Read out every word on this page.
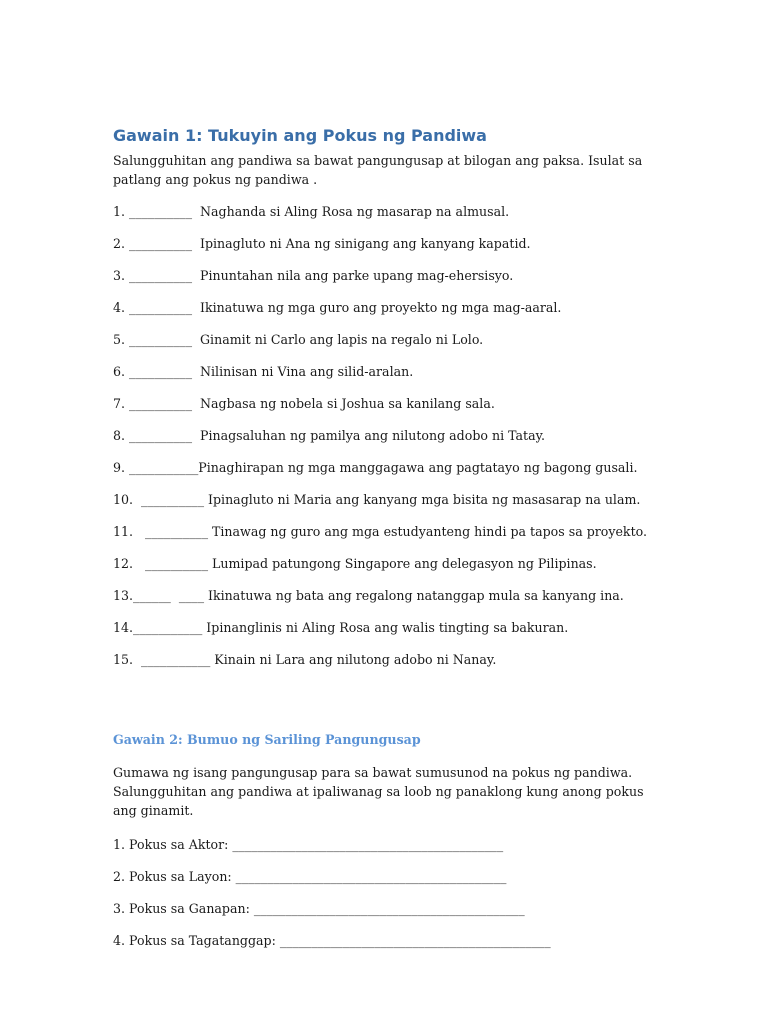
Gawain 1: Tukuyin ang Pokus ng Pandiwa

Salungguhitan ang pandiwa sa bawat pangungusap at bilogan ang paksa. Isulat sa patlang ang pokus ng pandiwa .

1. __________  Naghanda si Aling Rosa ng masarap na almusal.
2. __________  Ipinagluto ni Ana ng sinigang ang kanyang kapatid.
3. __________  Pinuntahan nila ang parke upang mag-ehersisyo.
4. __________  Ikinatuwa ng mga guro ang proyekto ng mga mag-aaral.
5. __________  Ginamit ni Carlo ang lapis na regalo ni Lolo.
6. __________  Nilinisan ni Vina ang silid-aralan.
7. __________  Nagbasa ng nobela si Joshua sa kanilang sala.
8. __________  Pinagsaluhan ng pamilya ang nilutong adobo ni Tatay.
9. ___________Pinaghirapan ng mga manggagawa ang pagtatayo ng bagong gusali.
10.  __________ Ipinagluto ni Maria ang kanyang mga bisita ng masasarap na ulam.
11.   __________ Tinawag ng guro ang mga estudyanteng hindi pa tapos sa proyekto.
12.   __________ Lumipad patungong Singapore ang delegasyon ng Pilipinas.
13.______  ____ Ikinatuwa ng bata ang regalong natanggap mula sa kanyang ina.
14.___________ Ipinanglinis ni Aling Rosa ang walis tingting sa bakuran.
15.  ___________ Kinain ni Lara ang nilutong adobo ni Nanay.
Gawain 2: Bumuo ng Sariling Pangungusap

Gumawa ng isang pangungusap para sa bawat sumusunod na pokus ng pandiwa. Salungguhitan ang pandiwa at ipaliwanag sa loob ng panaklong kung anong pokus ang ginamit.

1. Pokus sa Aktor: ___________________________________________
2. Pokus sa Layon: ___________________________________________
3. Pokus sa Ganapan: ___________________________________________
4. Pokus sa Tagatanggap: ___________________________________________
